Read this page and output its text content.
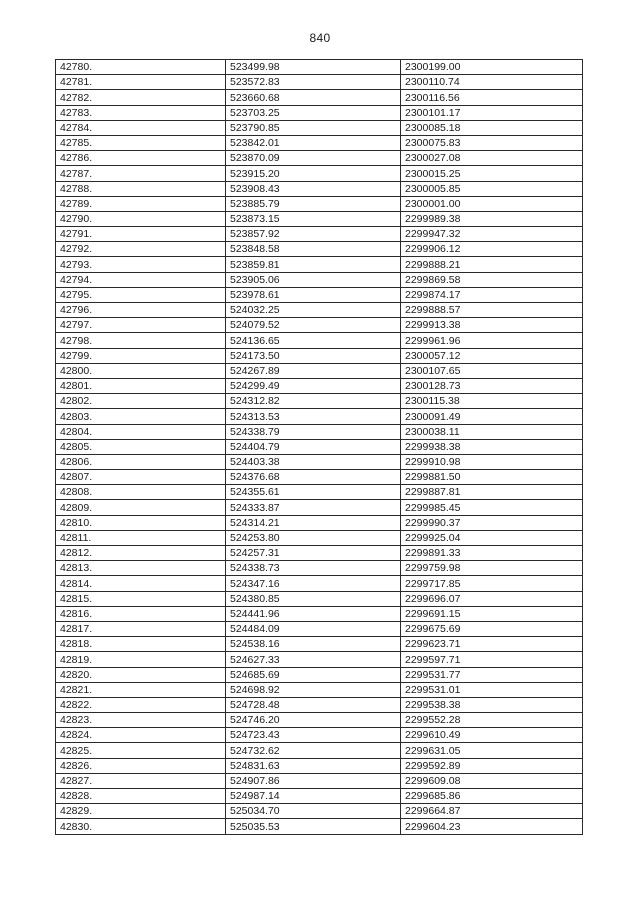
840
42780.	523499.98	2300199.00
42781.	523572.83	2300110.74
42782.	523660.68	2300116.56
42783.	523703.25	2300101.17
42784.	523790.85	2300085.18
42785.	523842.01	2300075.83
42786.	523870.09	2300027.08
42787.	523915.20	2300015.25
42788.	523908.43	2300005.85
42789.	523885.79	2300001.00
42790.	523873.15	2299989.38
42791.	523857.92	2299947.32
42792.	523848.58	2299906.12
42793.	523859.81	2299888.21
42794.	523905.06	2299869.58
42795.	523978.61	2299874.17
42796.	524032.25	2299888.57
42797.	524079.52	2299913.38
42798.	524136.65	2299961.96
42799.	524173.50	2300057.12
42800.	524267.89	2300107.65
42801.	524299.49	2300128.73
42802.	524312.82	2300115.38
42803.	524313.53	2300091.49
42804.	524338.79	2300038.11
42805.	524404.79	2299938.38
42806.	524403.38	2299910.98
42807.	524376.68	2299881.50
42808.	524355.61	2299887.81
42809.	524333.87	2299985.45
42810.	524314.21	2299990.37
42811.	524253.80	2299925.04
42812.	524257.31	2299891.33
42813.	524338.73	2299759.98
42814.	524347.16	2299717.85
42815.	524380.85	2299696.07
42816.	524441.96	2299691.15
42817.	524484.09	2299675.69
42818.	524538.16	2299623.71
42819.	524627.33	2299597.71
42820.	524685.69	2299531.77
42821.	524698.92	2299531.01
42822.	524728.48	2299538.38
42823.	524746.20	2299552.28
42824.	524723.43	2299610.49
42825.	524732.62	2299631.05
42826.	524831.63	2299592.89
42827.	524907.86	2299609.08
42828.	524987.14	2299685.86
42829.	525034.70	2299664.87
42830.	525035.53	2299604.23
